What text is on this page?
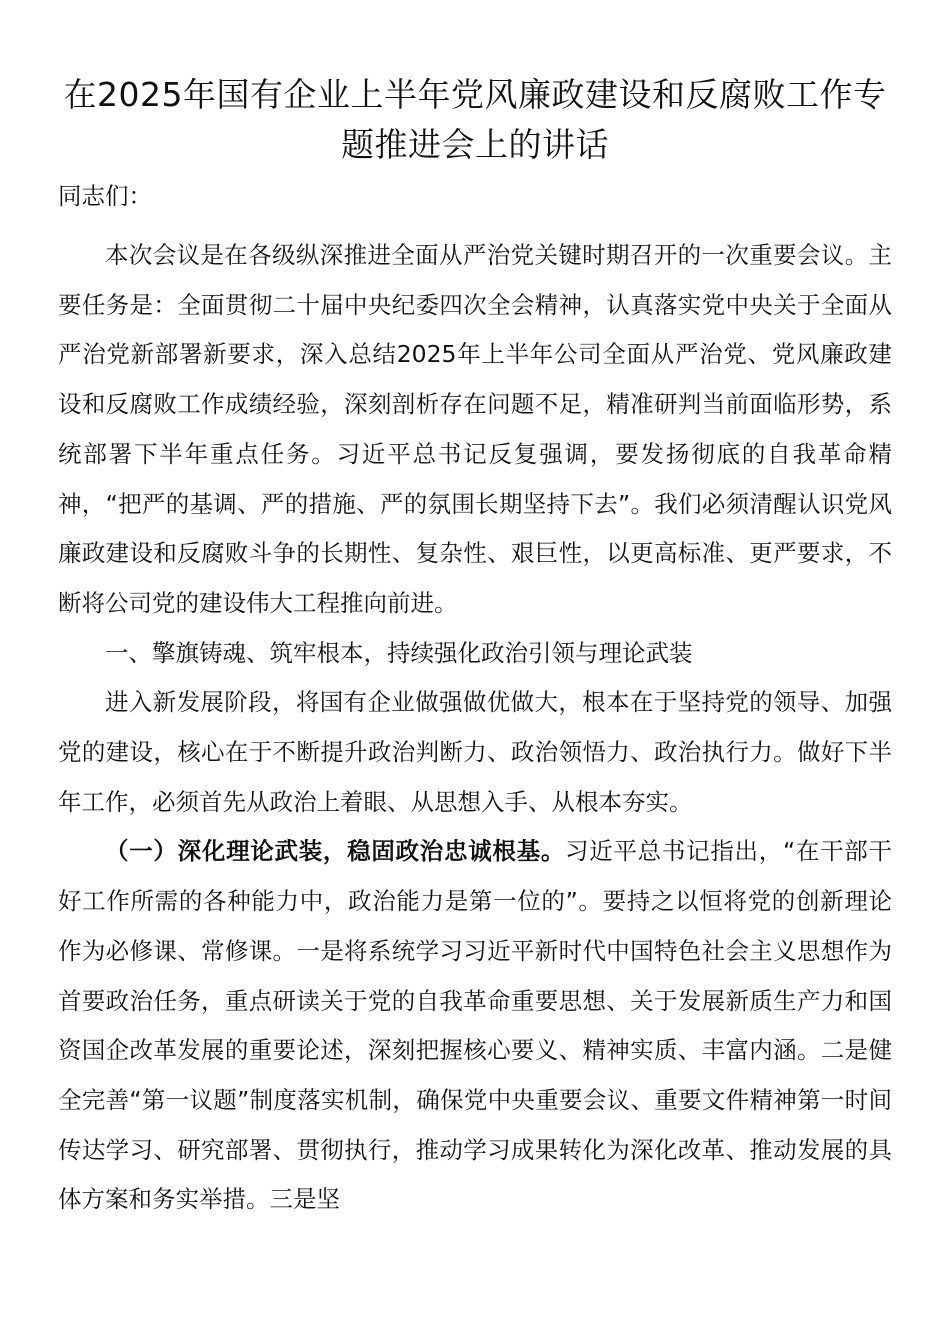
在2025年国有企业上半年党风廉政建设和反腐败工作专题推进会上的讲话

同志们：

本次会议是在各级纵深推进全面从严治党关键时期召开的一次重要会议。主要任务是：全面贯彻二十届中央纪委四次全会精神，认真落实党中央关于全面从严治党新部署新要求，深入总结2025年上半年公司全面从严治党、党风廉政建设和反腐败工作成绩经验，深刻剖析存在问题不足，精准研判当前面临形势，系统部署下半年重点任务。习近平总书记反复强调，要发扬彻底的自我革命精神，“把严的基调、严的措施、严的氛围长期坚持下去”。我们必须清醒认识党风廉政建设和反腐败斗争的长期性、复杂性、艰巨性，以更高标准、更严要求，不断将公司党的建设伟大工程推向前进。

一、擎旗铸魂、筑牢根本，持续强化政治引领与理论武装

进入新发展阶段，将国有企业做强做优做大，根本在于坚持党的领导、加强党的建设，核心在于不断提升政治判断力、政治领悟力、政治执行力。做好下半年工作，必须首先从政治上着眼、从思想入手、从根本夯实。

（一）深化理论武装，稳固政治忠诚根基。习近平总书记指出，“在干部干好工作所需的各种能力中，政治能力是第一位的”。要持之以恒将党的创新理论作为必修课、常修课。一是将系统学习习近平新时代中国特色社会主义思想作为首要政治任务，重点研读关于党的自我革命重要思想、关于发展新质生产力和国资国企改革发展的重要论述，深刻把握核心要义、精神实质、丰富内涵。二是健全完善“第一议题”制度落实机制，确保党中央重要会议、重要文件精神第一时间传达学习、研究部署、贯彻执行，推动学习成果转化为深化改革、推动发展的具体方案和务实举措。三是坚
